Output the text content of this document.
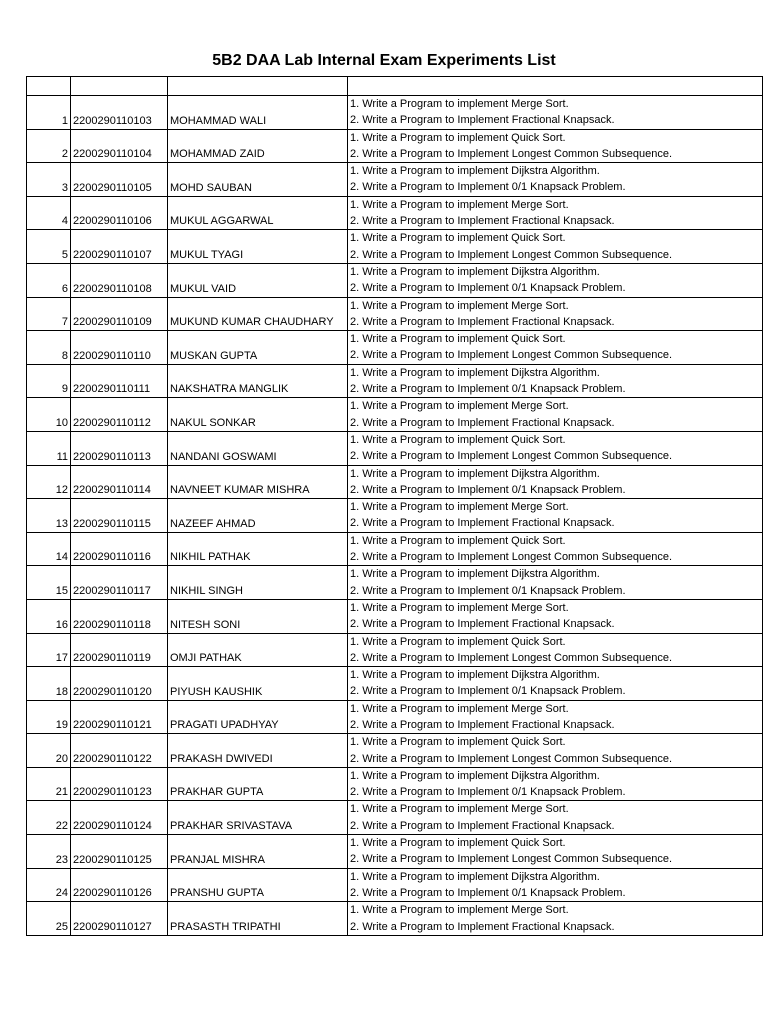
5B2 DAA Lab Internal Exam Experiments List

1	2200290110103	MOHAMMAD WALI	1. Write a Program to implement Merge Sort.
2. Write a Program to Implement Fractional Knapsack.

2	2200290110104	MOHAMMAD ZAID	1. Write a Program to implement Quick Sort.
2. Write a Program to Implement Longest Common Subsequence.

3	2200290110105	MOHD SAUBAN	1. Write a Program to implement Dijkstra Algorithm.
2. Write a Program to Implement 0/1 Knapsack Problem.

4	2200290110106	MUKUL AGGARWAL	1. Write a Program to implement Merge Sort.
2. Write a Program to Implement Fractional Knapsack.

5	2200290110107	MUKUL TYAGI	1. Write a Program to implement Quick Sort.
2. Write a Program to Implement Longest Common Subsequence.

6	2200290110108	MUKUL VAID	1. Write a Program to implement Dijkstra Algorithm.
2. Write a Program to Implement 0/1 Knapsack Problem.

7	2200290110109	MUKUND KUMAR CHAUDHARY	1. Write a Program to implement Merge Sort.
2. Write a Program to Implement Fractional Knapsack.

8	2200290110110	MUSKAN GUPTA	1. Write a Program to implement Quick Sort.
2. Write a Program to Implement Longest Common Subsequence.

9	2200290110111	NAKSHATRA MANGLIK	1. Write a Program to implement Dijkstra Algorithm.
2. Write a Program to Implement 0/1 Knapsack Problem.

10	2200290110112	NAKUL SONKAR	1. Write a Program to implement Merge Sort.
2. Write a Program to Implement Fractional Knapsack.

11	2200290110113	NANDANI GOSWAMI	1. Write a Program to implement Quick Sort.
2. Write a Program to Implement Longest Common Subsequence.

12	2200290110114	NAVNEET KUMAR MISHRA	1. Write a Program to implement Dijkstra Algorithm.
2. Write a Program to Implement 0/1 Knapsack Problem.

13	2200290110115	NAZEEF AHMAD	1. Write a Program to implement Merge Sort.
2. Write a Program to Implement Fractional Knapsack.

14	2200290110116	NIKHIL PATHAK	1. Write a Program to implement Quick Sort.
2. Write a Program to Implement Longest Common Subsequence.

15	2200290110117	NIKHIL SINGH	1. Write a Program to implement Dijkstra Algorithm.
2. Write a Program to Implement 0/1 Knapsack Problem.

16	2200290110118	NITESH SONI	1. Write a Program to implement Merge Sort.
2. Write a Program to Implement Fractional Knapsack.

17	2200290110119	OMJI PATHAK	1. Write a Program to implement Quick Sort.
2. Write a Program to Implement Longest Common Subsequence.

18	2200290110120	PIYUSH KAUSHIK	1. Write a Program to implement Dijkstra Algorithm.
2. Write a Program to Implement 0/1 Knapsack Problem.

19	2200290110121	PRAGATI UPADHYAY	1. Write a Program to implement Merge Sort.
2. Write a Program to Implement Fractional Knapsack.

20	2200290110122	PRAKASH DWIVEDI	1. Write a Program to implement Quick Sort.
2. Write a Program to Implement Longest Common Subsequence.

21	2200290110123	PRAKHAR GUPTA	1. Write a Program to implement Dijkstra Algorithm.
2. Write a Program to Implement 0/1 Knapsack Problem.

22	2200290110124	PRAKHAR SRIVASTAVA	1. Write a Program to implement Merge Sort.
2. Write a Program to Implement Fractional Knapsack.

23	2200290110125	PRANJAL MISHRA	1. Write a Program to implement Quick Sort.
2. Write a Program to Implement Longest Common Subsequence.

24	2200290110126	PRANSHU GUPTA	1. Write a Program to implement Dijkstra Algorithm.
2. Write a Program to Implement 0/1 Knapsack Problem.

25	2200290110127	PRASASTH TRIPATHI	1. Write a Program to implement Merge Sort.
2. Write a Program to Implement Fractional Knapsack.
